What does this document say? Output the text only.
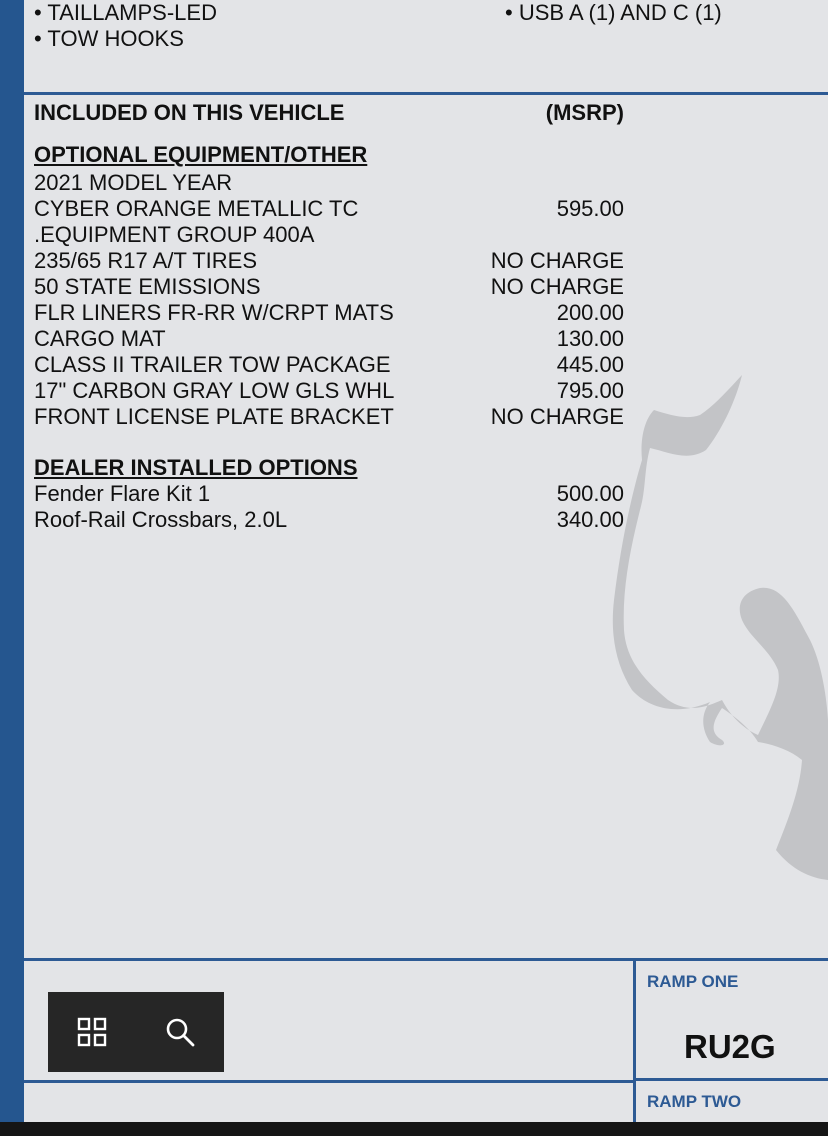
• TAILLAMPS-LED
• TOW HOOKS
• USB A (1) AND C (1)
INCLUDED ON THIS VEHICLE	(MSRP)
OPTIONAL EQUIPMENT/OTHER
2021 MODEL YEAR
CYBER ORANGE METALLIC TC	595.00
.EQUIPMENT GROUP 400A
235/65 R17 A/T TIRES	NO CHARGE
50 STATE EMISSIONS	NO CHARGE
FLR LINERS FR-RR W/CRPT MATS	200.00
CARGO MAT	130.00
CLASS II TRAILER TOW PACKAGE	445.00
17" CARBON GRAY LOW GLS WHL	795.00
FRONT LICENSE PLATE BRACKET	NO CHARGE
DEALER INSTALLED OPTIONS
Fender Flare Kit 1	500.00
Roof-Rail Crossbars, 2.0L	340.00
RAMP ONE
RU2G
RAMP TWO
